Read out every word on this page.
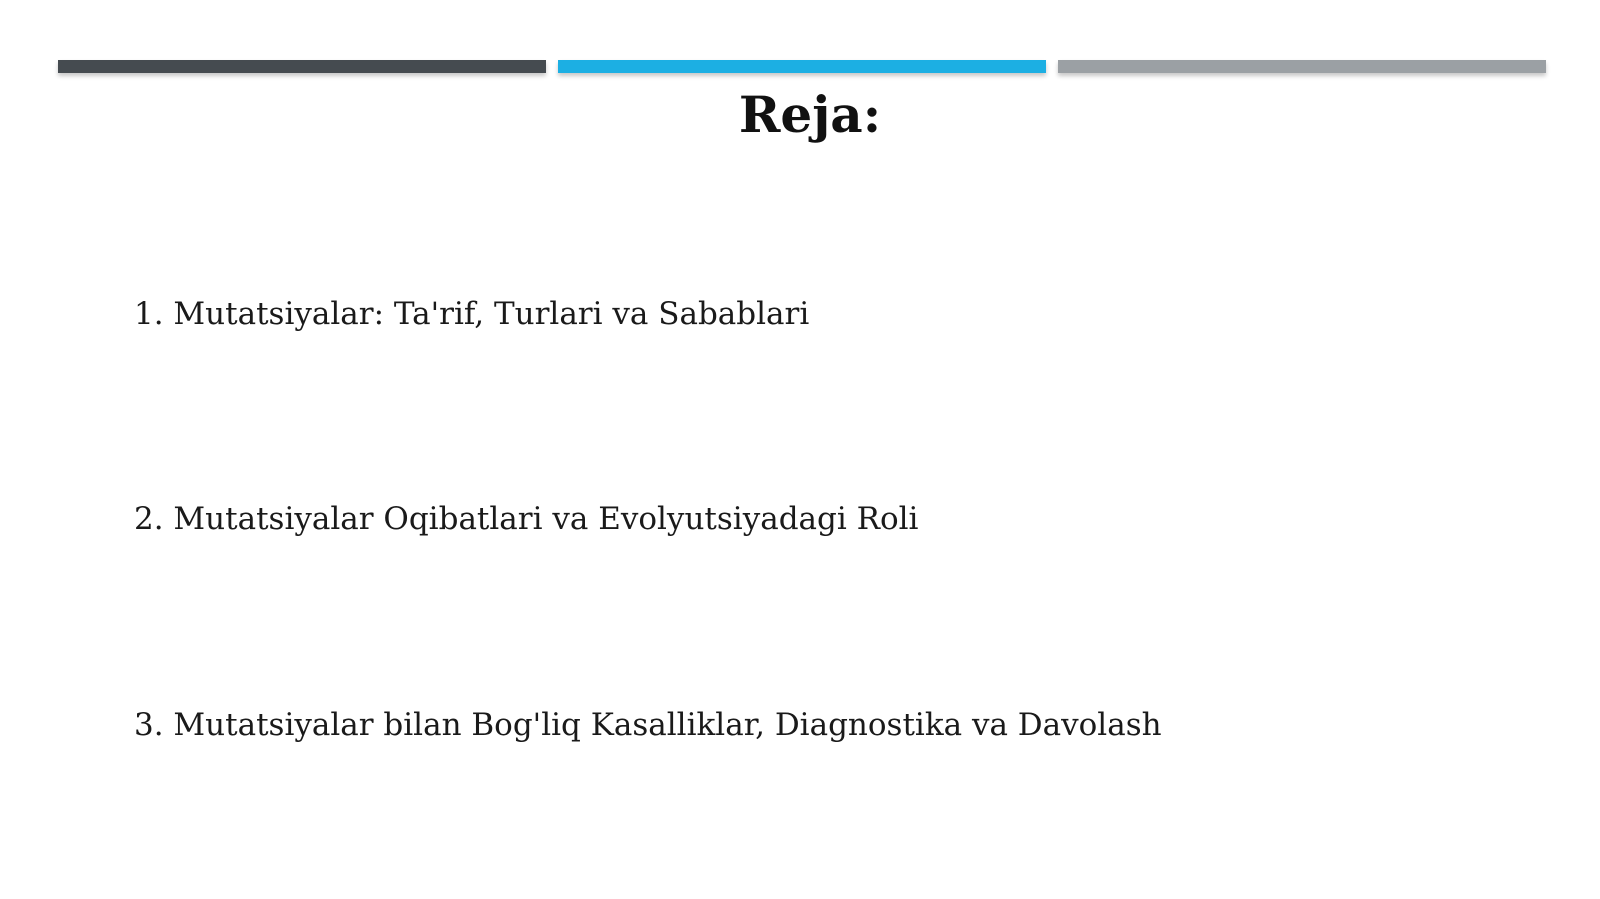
Reja:

1. Mutatsiyalar: Ta'rif, Turlari va Sabablari

2. Mutatsiyalar Oqibatlari va Evolyutsiyadagi Roli

3. Mutatsiyalar bilan Bog'liq Kasalliklar, Diagnostika va Davolash
